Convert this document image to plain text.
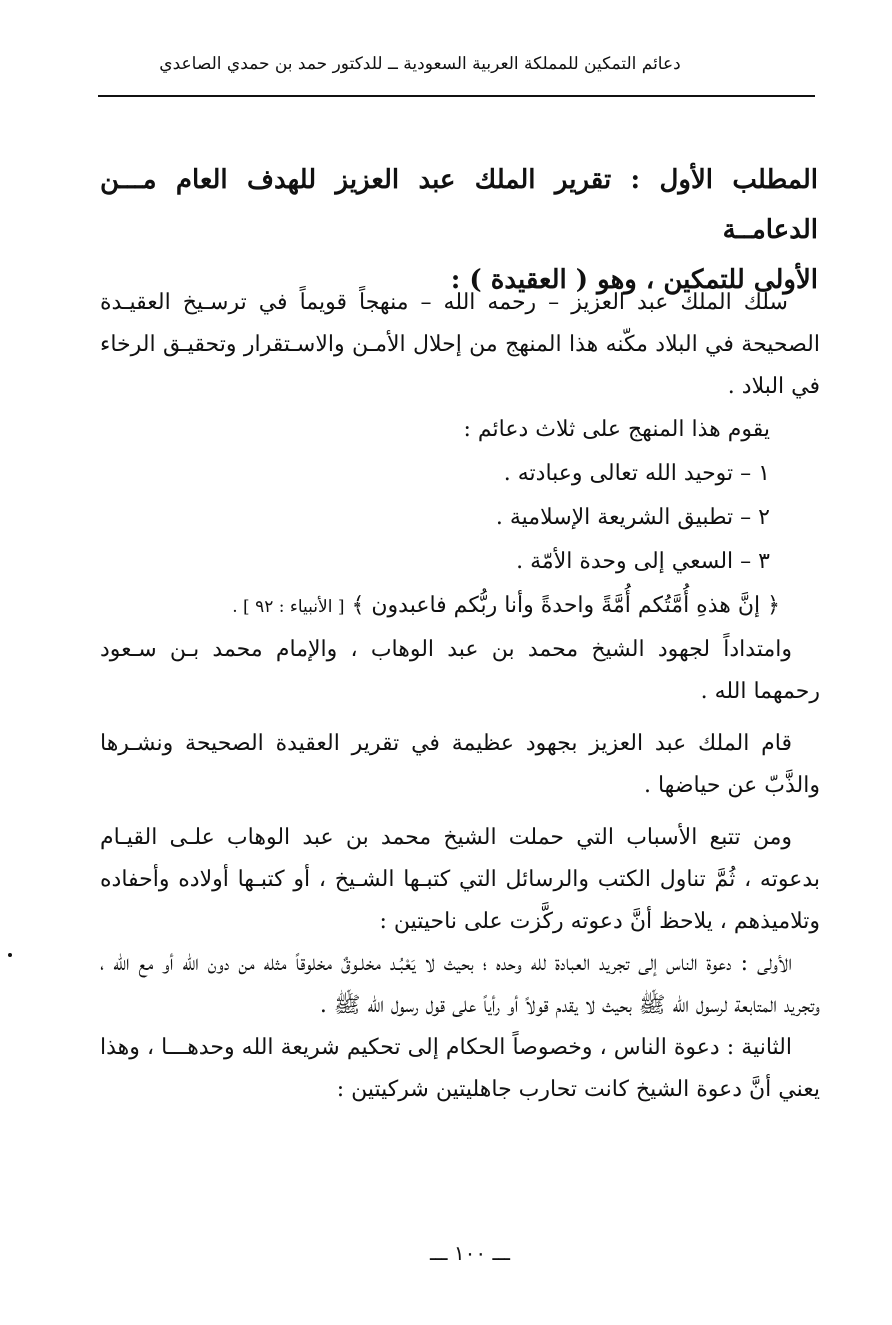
دعائم التمكين للمملكة العربية السعودية ــ للدكتور حمد بن حمدي الصاعدي
المطلب الأول : تقرير الملك عبد العزيز للهدف العام مـــن الدعامــة
الأولى للتمكين ، وهو ( العقيدة ) :

سلك الملك عبد العزيز – رحمه الله – منهجاً قويماً في ترسـيخ العقيـدة الصحيحة في البلاد مكّنه هذا المنهج من إحلال الأمـن والاسـتقرار وتحقيـق الرخاء في البلاد .

يقوم هذا المنهج على ثلاث دعائم :

١ – توحيد الله تعالى وعبادته .

٢ – تطبيق الشريعة الإسلامية .

٣ – السعي إلى وحدة الأمّة .

﴿ إنَّ هذهِ أُمَّتُكم أُمَّةً واحدةً وأنا ربُّكم فاعبدون ﴾ [ الأنبياء : ٩٢ ] .

وامتداداً لجهود الشيخ محمد بن عبد الوهاب ، والإمام محمد بـن سـعود رحمهما الله .

قام الملك عبد العزيز بجهود عظيمة في تقرير العقيدة الصحيحة ونشـرها والذَّبّ عن حياضها .

ومن تتبع الأسباب التي حملت الشيخ محمد بن عبد الوهاب علـى القيـام بدعوته ، ثُمَّ تناول الكتب والرسائل التي كتبـها الشـيخ ، أو كتبـها أولاده وأحفاده وتلاميذهم ، يلاحظ أنَّ دعوته ركَّزت على ناحيتين :

الأولى : دعوة الناس إلى تجريد العبادة لله وحده ؛ بحيث لا يَعْبُـد مخلـوقٌ مخلوقاً مثله من دون الله أو مع الله ، وتجريد المتابعة لرسول الله ﷺ بحيث لا يقدم قولاً أو رأياً على قول رسول الله ﷺ .

الثانية : دعوة الناس ، وخصوصاً الحكام إلى تحكيم شريعة الله وحدهـــا ، وهذا يعني أنَّ دعوة الشيخ كانت تحارب جاهليتين شركيتين :

ـــ ١٠٠ ـــ
